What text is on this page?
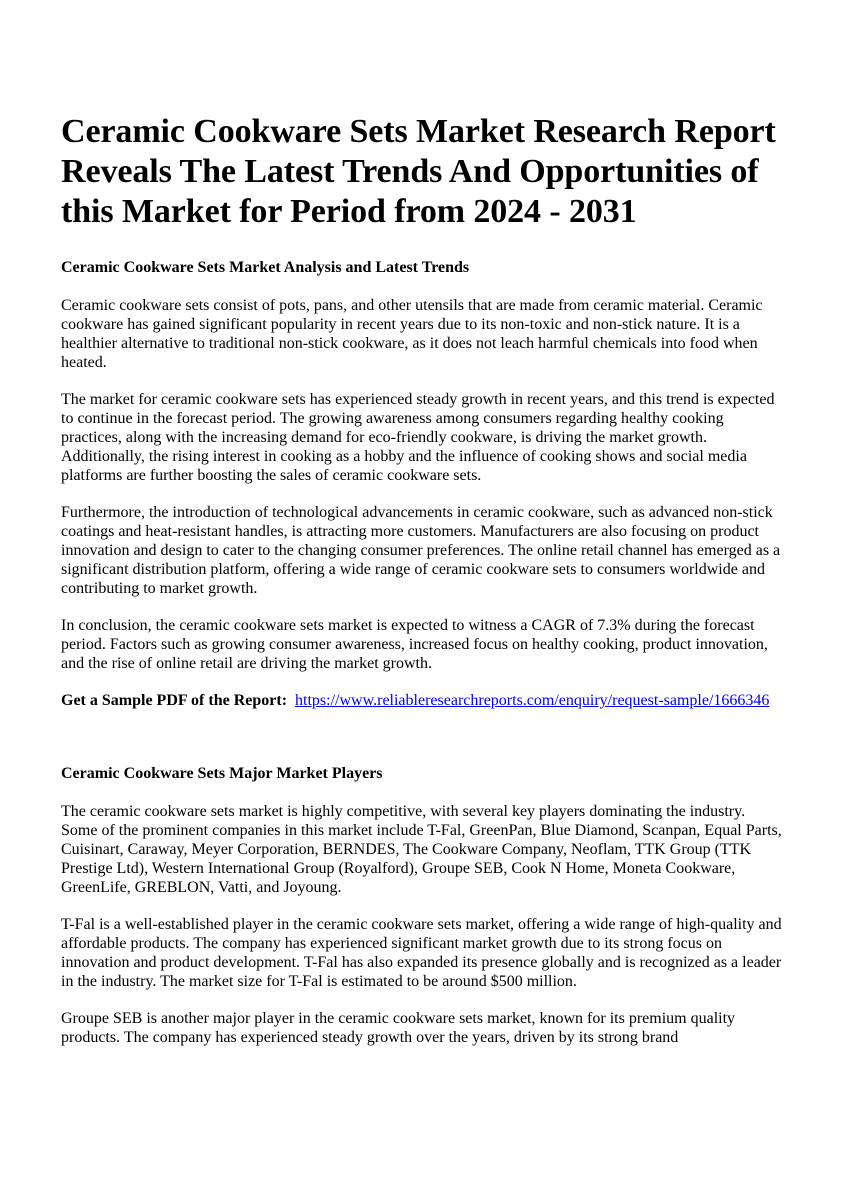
Ceramic Cookware Sets Market Research Report Reveals The Latest Trends And Opportunities of this Market for Period from 2024 - 2031
Ceramic Cookware Sets Market Analysis and Latest Trends

Ceramic cookware sets consist of pots, pans, and other utensils that are made from ceramic material. Ceramic cookware has gained significant popularity in recent years due to its non-toxic and non-stick nature. It is a healthier alternative to traditional non-stick cookware, as it does not leach harmful chemicals into food when heated.

The market for ceramic cookware sets has experienced steady growth in recent years, and this trend is expected to continue in the forecast period. The growing awareness among consumers regarding healthy cooking practices, along with the increasing demand for eco-friendly cookware, is driving the market growth. Additionally, the rising interest in cooking as a hobby and the influence of cooking shows and social media platforms are further boosting the sales of ceramic cookware sets.

Furthermore, the introduction of technological advancements in ceramic cookware, such as advanced non-stick coatings and heat-resistant handles, is attracting more customers. Manufacturers are also focusing on product innovation and design to cater to the changing consumer preferences. The online retail channel has emerged as a significant distribution platform, offering a wide range of ceramic cookware sets to consumers worldwide and contributing to market growth.

In conclusion, the ceramic cookware sets market is expected to witness a CAGR of 7.3% during the forecast period. Factors such as growing consumer awareness, increased focus on healthy cooking, product innovation, and the rise of online retail are driving the market growth.

Get a Sample PDF of the Report: https://www.reliableresearchreports.com/enquiry/request-sample/1666346

Ceramic Cookware Sets Major Market Players

The ceramic cookware sets market is highly competitive, with several key players dominating the industry. Some of the prominent companies in this market include T-Fal, GreenPan, Blue Diamond, Scanpan, Equal Parts, Cuisinart, Caraway, Meyer Corporation, BERNDES, The Cookware Company, Neoflam, TTK Group (TTK Prestige Ltd), Western International Group (Royalford), Groupe SEB, Cook N Home, Moneta Cookware, GreenLife, GREBLON, Vatti, and Joyoung.

T-Fal is a well-established player in the ceramic cookware sets market, offering a wide range of high-quality and affordable products. The company has experienced significant market growth due to its strong focus on innovation and product development. T-Fal has also expanded its presence globally and is recognized as a leader in the industry. The market size for T-Fal is estimated to be around $500 million.

Groupe SEB is another major player in the ceramic cookware sets market, known for its premium quality products. The company has experienced steady growth over the years, driven by its strong brand
